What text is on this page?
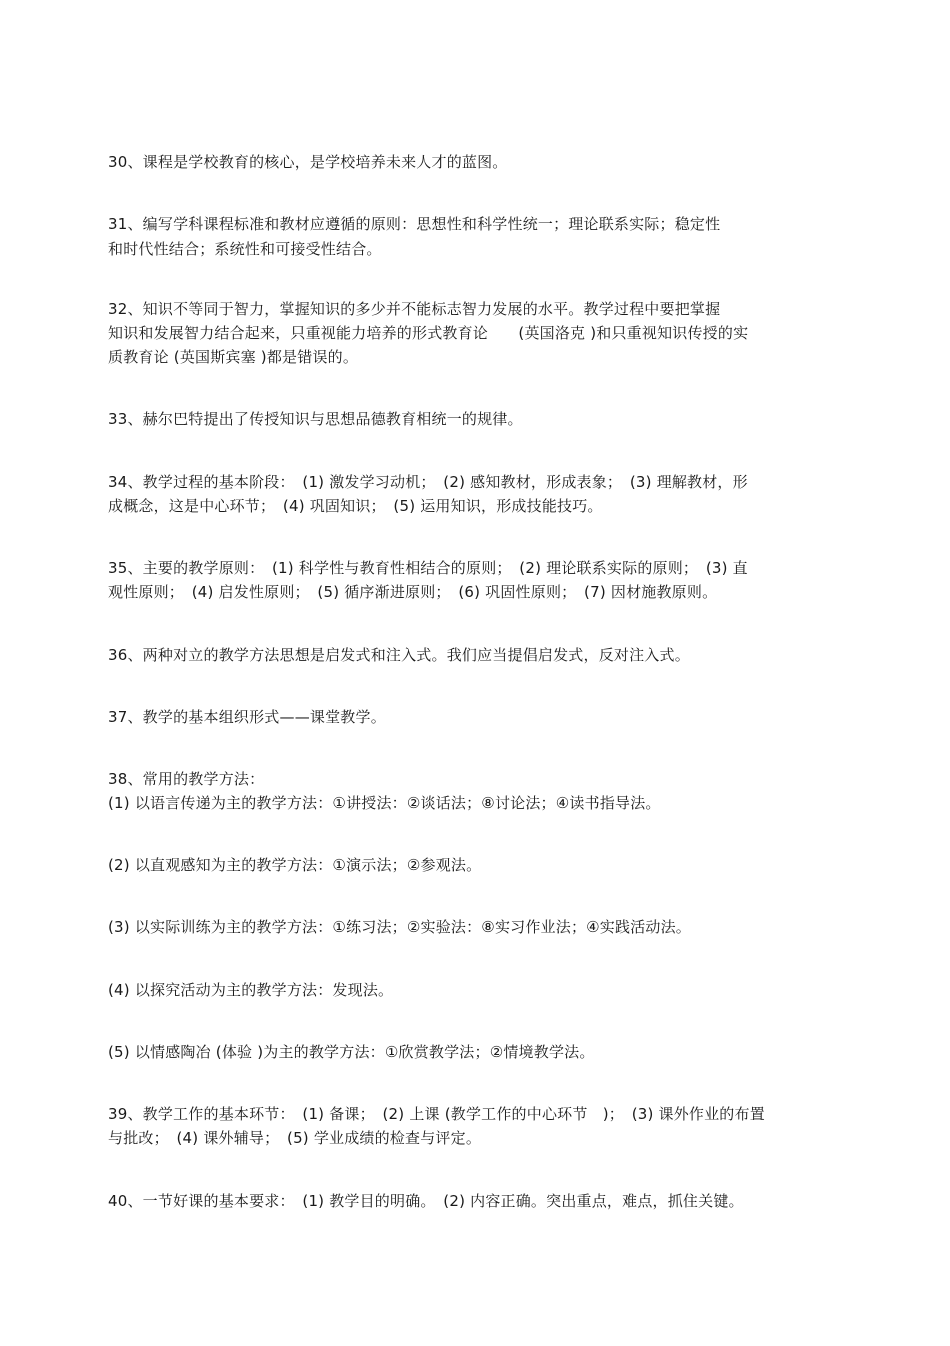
30、课程是学校教育的核心，是学校培养未来人才的蓝图。
31、编写学科课程标准和教材应遵循的原则：思想性和科学性统一；理论联系实际；稳定性
和时代性结合；系统性和可接受性结合。
32、知识不等同于智力，掌握知识的多少并不能标志智力发展的水平。教学过程中要把掌握
知识和发展智力结合起来，只重视能力培养的形式教育论　　(英国洛克 )和只重视知识传授的实
质教育论 (英国斯宾塞 )都是错误的。
33、赫尔巴特提出了传授知识与思想品德教育相统一的规律。
34、教学过程的基本阶段：　(1) 激发学习动机；　(2) 感知教材，形成表象；　(3) 理解教材，形
成概念，这是中心环节；　(4) 巩固知识；　(5) 运用知识，形成技能技巧。
35、主要的教学原则：　(1) 科学性与教育性相结合的原则；　(2) 理论联系实际的原则；　(3) 直
观性原则；　(4) 启发性原则；　(5) 循序渐进原则；　(6) 巩固性原则；　(7) 因材施教原则。
36、两种对立的教学方法思想是启发式和注入式。我们应当提倡启发式，反对注入式。
37、教学的基本组织形式——课堂教学。
38、常用的教学方法：
(1) 以语言传递为主的教学方法：①讲授法：②谈话法；⑧讨论法；④读书指导法。
(2) 以直观感知为主的教学方法：①演示法；②参观法。
(3) 以实际训练为主的教学方法：①练习法；②实验法：⑧实习作业法；④实践活动法。
(4) 以探究活动为主的教学方法：发现法。
(5) 以情感陶冶 (体验 )为主的教学方法：①欣赏教学法；②情境教学法。
39、教学工作的基本环节：　(1) 备课；　(2) 上课 (教学工作的中心环节　)；　(3) 课外作业的布置
与批改；　(4) 课外辅导；　(5) 学业成绩的检查与评定。
40、一节好课的基本要求：　(1) 教学目的明确。　(2) 内容正确。突出重点，难点，抓住关键。
